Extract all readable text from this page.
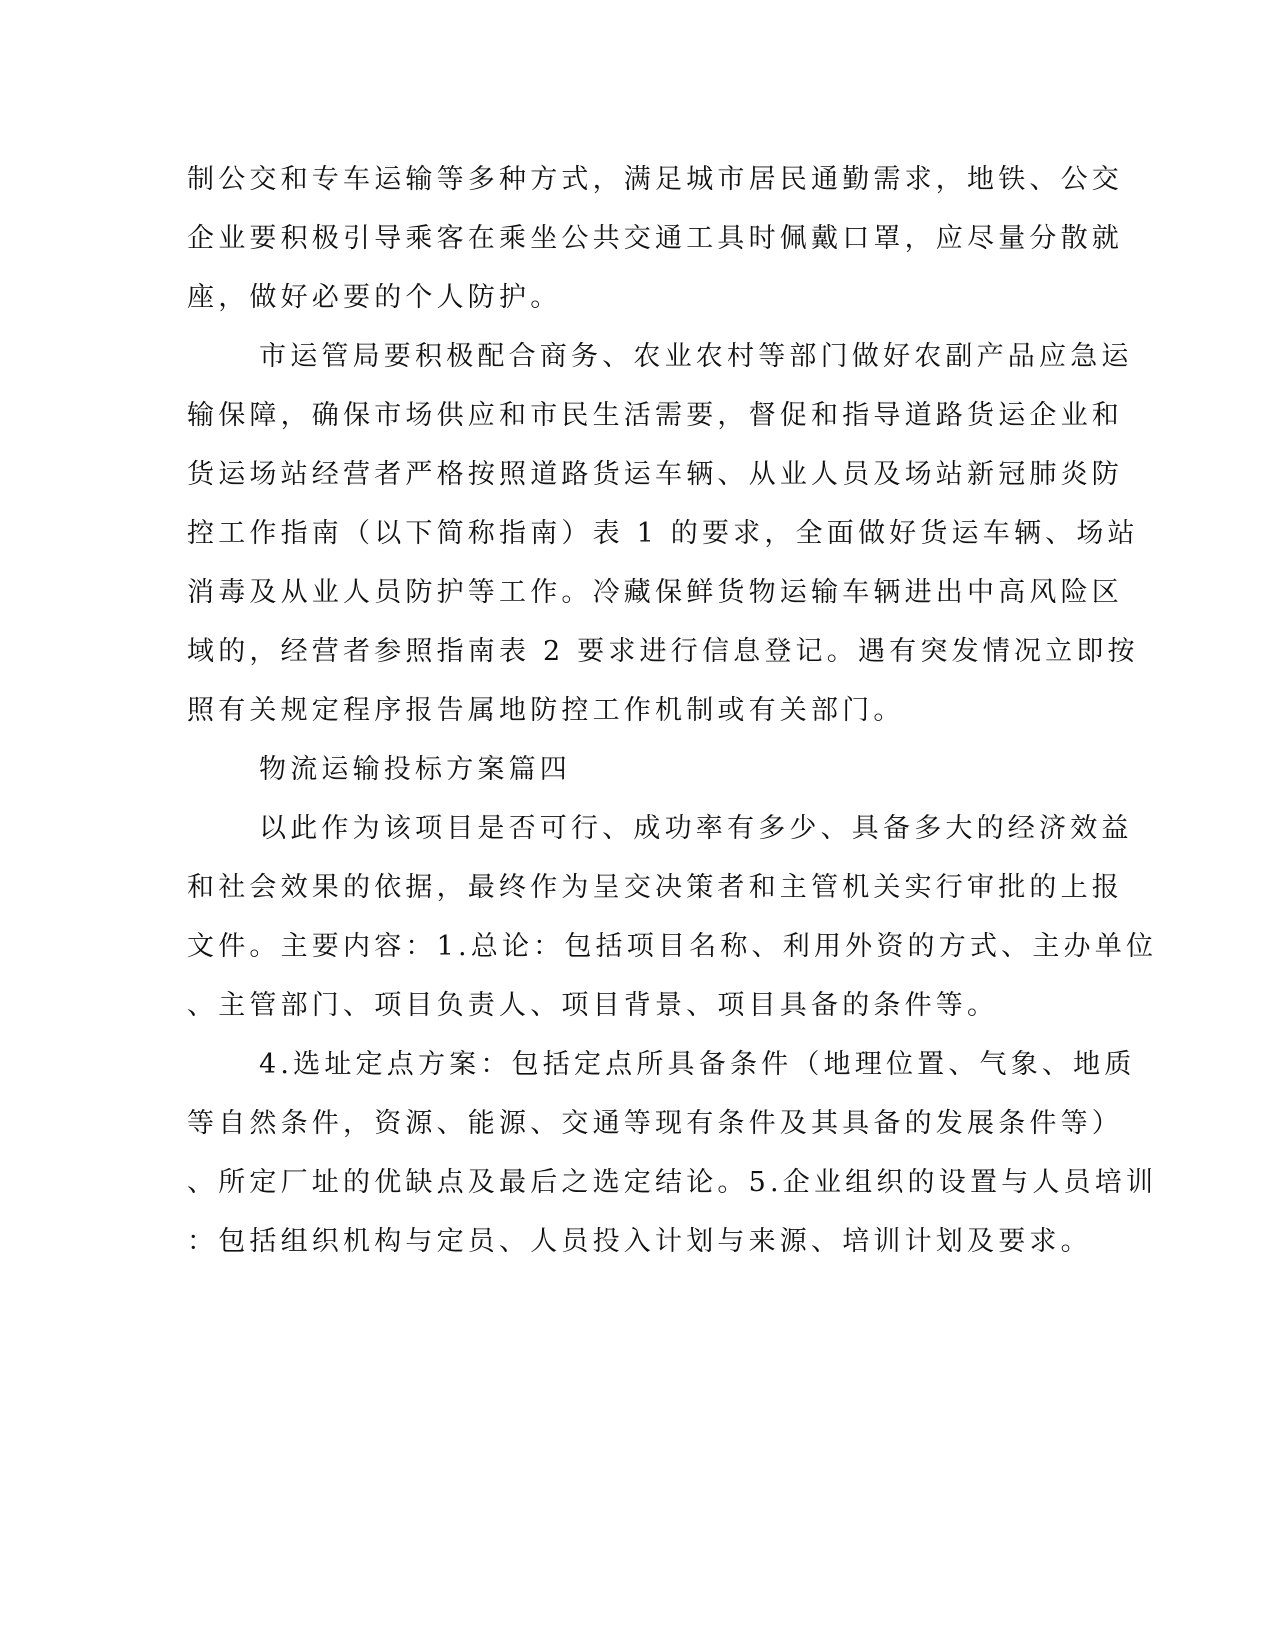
制公交和专车运输等多种方式，满足城市居民通勤需求，地铁、公交
企业要积极引导乘客在乘坐公共交通工具时佩戴口罩，应尽量分散就
座，做好必要的个人防护。
市运管局要积极配合商务、农业农村等部门做好农副产品应急运
输保障，确保市场供应和市民生活需要，督促和指导道路货运企业和
货运场站经营者严格按照道路货运车辆、从业人员及场站新冠肺炎防
控工作指南（以下简称指南）表 1 的要求，全面做好货运车辆、场站
消毒及从业人员防护等工作。冷藏保鲜货物运输车辆进出中高风险区
域的，经营者参照指南表 2 要求进行信息登记。遇有突发情况立即按
照有关规定程序报告属地防控工作机制或有关部门。
物流运输投标方案篇四
以此作为该项目是否可行、成功率有多少、具备多大的经济效益
和社会效果的依据，最终作为呈交决策者和主管机关实行审批的上报
文件。主要内容：1.总论：包括项目名称、利用外资的方式、主办单位
、主管部门、项目负责人、项目背景、项目具备的条件等。
4.选址定点方案：包括定点所具备条件（地理位置、气象、地质
等自然条件，资源、能源、交通等现有条件及其具备的发展条件等）
、所定厂址的优缺点及最后之选定结论。5.企业组织的设置与人员培训
：包括组织机构与定员、人员投入计划与来源、培训计划及要求。
